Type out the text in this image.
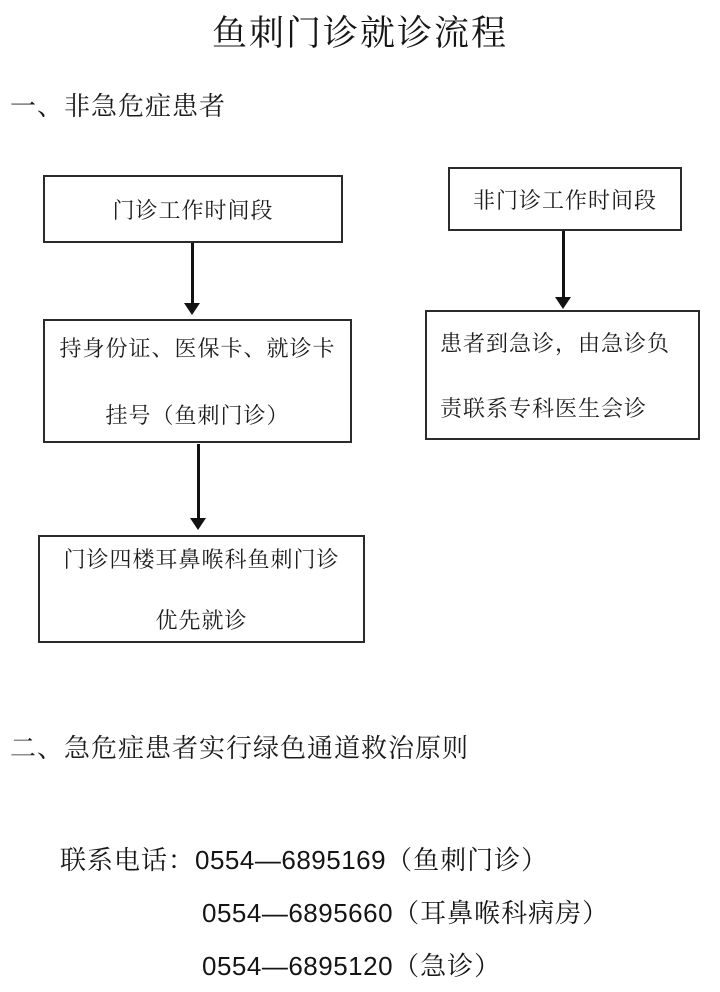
鱼刺门诊就诊流程
一、非急危症患者
门诊工作时间段
持身份证、医保卡、就诊卡
挂号（鱼刺门诊）
门诊四楼耳鼻喉科鱼刺门诊
优先就诊
非门诊工作时间段
患者到急诊，由急诊负
责联系专科医生会诊
二、急危症患者实行绿色通道救治原则
联系电话：0554—6895169（鱼刺门诊）
0554—6895660（耳鼻喉科病房）
0554—6895120（急诊）
